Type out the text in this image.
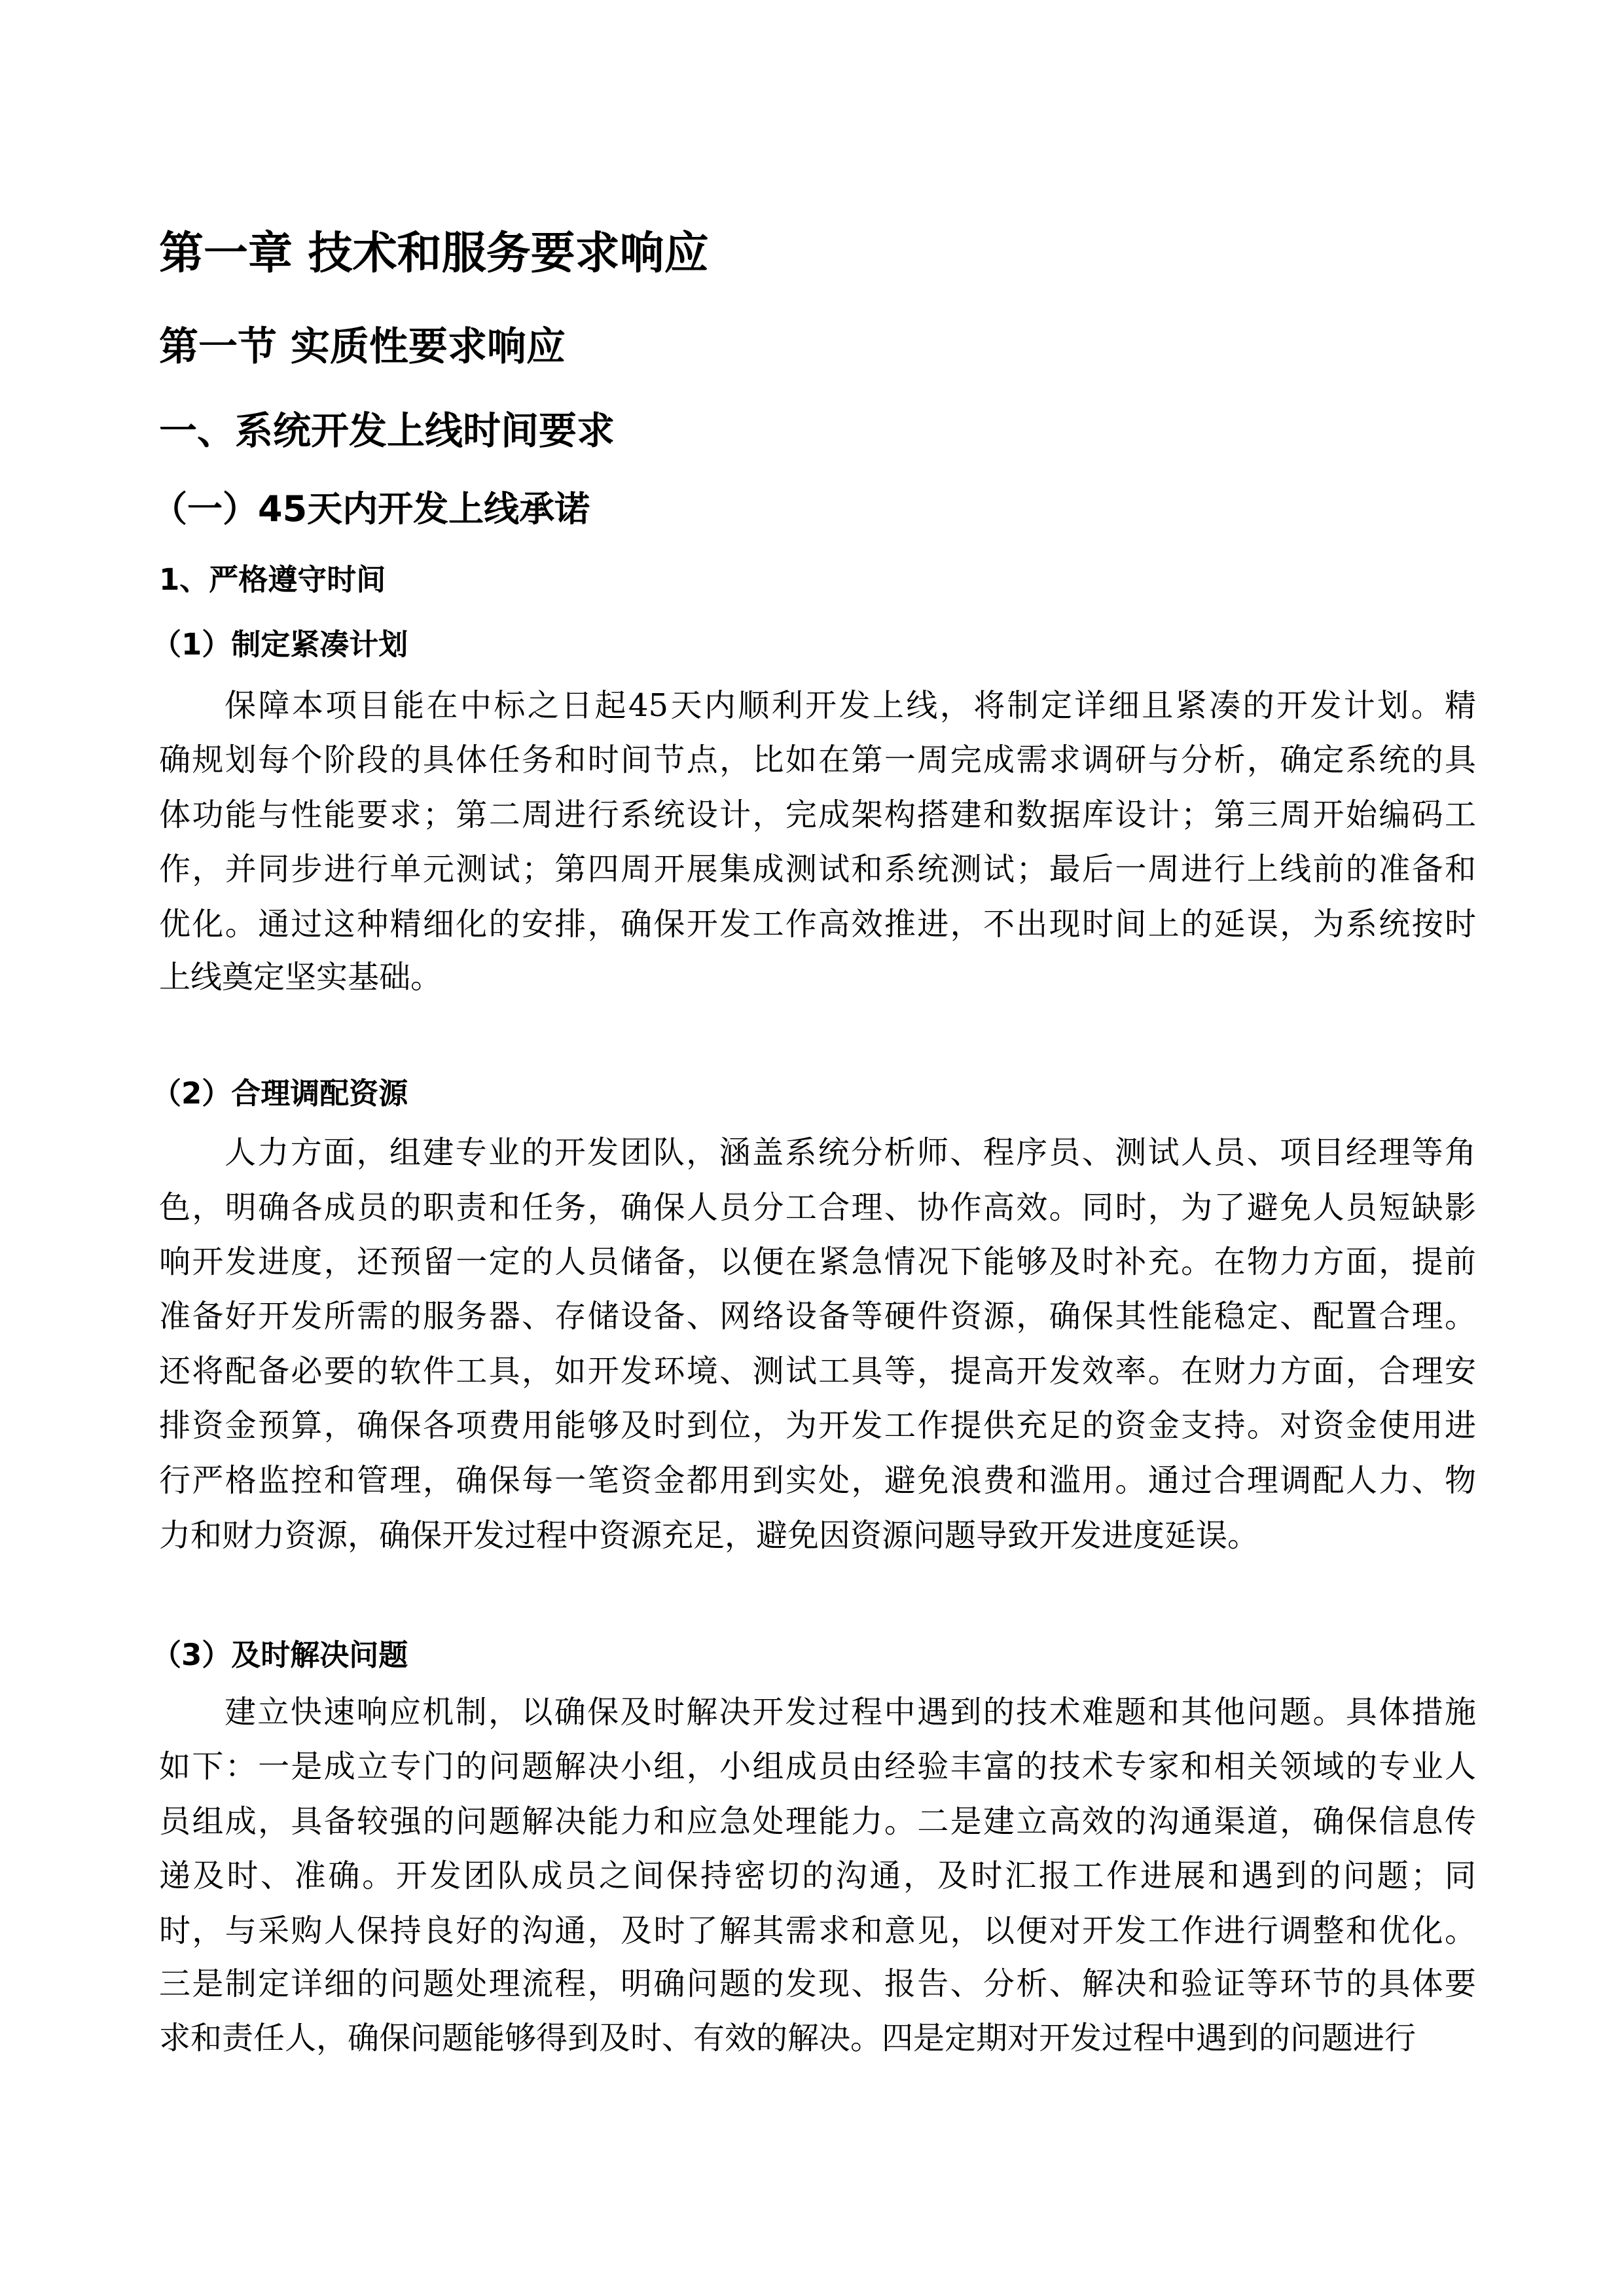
第一章 技术和服务要求响应
第一节 实质性要求响应
一、系统开发上线时间要求
（一）45天内开发上线承诺
1、严格遵守时间
（1）制定紧凑计划
保障本项目能在中标之日起45天内顺利开发上线，将制定详细且紧凑的开发计划。精
确规划每个阶段的具体任务和时间节点，比如在第一周完成需求调研与分析，确定系统的具
体功能与性能要求；第二周进行系统设计，完成架构搭建和数据库设计；第三周开始编码工
作，并同步进行单元测试；第四周开展集成测试和系统测试；最后一周进行上线前的准备和
优化。通过这种精细化的安排，确保开发工作高效推进，不出现时间上的延误，为系统按时
上线奠定坚实基础。
（2）合理调配资源
人力方面，组建专业的开发团队，涵盖系统分析师、程序员、测试人员、项目经理等角
色，明确各成员的职责和任务，确保人员分工合理、协作高效。同时，为了避免人员短缺影
响开发进度，还预留一定的人员储备，以便在紧急情况下能够及时补充。在物力方面，提前
准备好开发所需的服务器、存储设备、网络设备等硬件资源，确保其性能稳定、配置合理。
还将配备必要的软件工具，如开发环境、测试工具等，提高开发效率。在财力方面，合理安
排资金预算，确保各项费用能够及时到位，为开发工作提供充足的资金支持。对资金使用进
行严格监控和管理，确保每一笔资金都用到实处，避免浪费和滥用。通过合理调配人力、物
力和财力资源，确保开发过程中资源充足，避免因资源问题导致开发进度延误。
（3）及时解决问题
建立快速响应机制，以确保及时解决开发过程中遇到的技术难题和其他问题。具体措施
如下：一是成立专门的问题解决小组，小组成员由经验丰富的技术专家和相关领域的专业人
员组成，具备较强的问题解决能力和应急处理能力。二是建立高效的沟通渠道，确保信息传
递及时、准确。开发团队成员之间保持密切的沟通，及时汇报工作进展和遇到的问题；同
时，与采购人保持良好的沟通，及时了解其需求和意见，以便对开发工作进行调整和优化。
三是制定详细的问题处理流程，明确问题的发现、报告、分析、解决和验证等环节的具体要
求和责任人，确保问题能够得到及时、有效的解决。四是定期对开发过程中遇到的问题进行
